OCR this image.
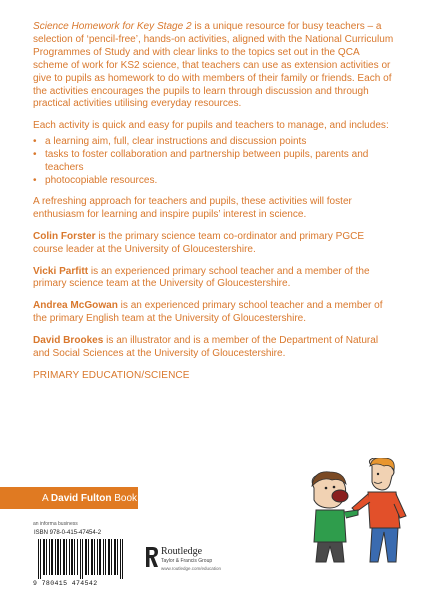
Science Homework for Key Stage 2 is a unique resource for busy teachers – a selection of ‘pencil-free’, hands-on activities, aligned with the National Curriculum Programmes of Study and with clear links to the topics set out in the QCA scheme of work for KS2 science, that teachers can use as extension activities or give to pupils as homework to do with members of their family or friends. Each of the activities encourages the pupils to learn through discussion and through practical activities utilising everyday resources.

Each activity is quick and easy for pupils and teachers to manage, and includes:

• a learning aim, full, clear instructions and discussion points
• tasks to foster collaboration and partnership between pupils, parents and teachers
• photocopiable resources.

A refreshing approach for teachers and pupils, these activities will foster enthusiasm for learning and inspire pupils’ interest in science.

Colin Forster is the primary science team co-ordinator and primary PGCE course leader at the University of Gloucestershire.

Vicki Parfitt is an experienced primary school teacher and a member of the primary science team at the University of Gloucestershire.

Andrea McGowan is an experienced primary school teacher and a member of the primary English team at the University of Gloucestershire.

David Brookes is an illustrator and is a member of the Department of Natural and Social Sciences at the University of Gloucestershire.

PRIMARY EDUCATION/SCIENCE

A David Fulton Book
an informa business
ISBN 978-0-415-47454-2
9 780415 474542
Routledge
Taylor & Francis Group
www.routledge.com/education
